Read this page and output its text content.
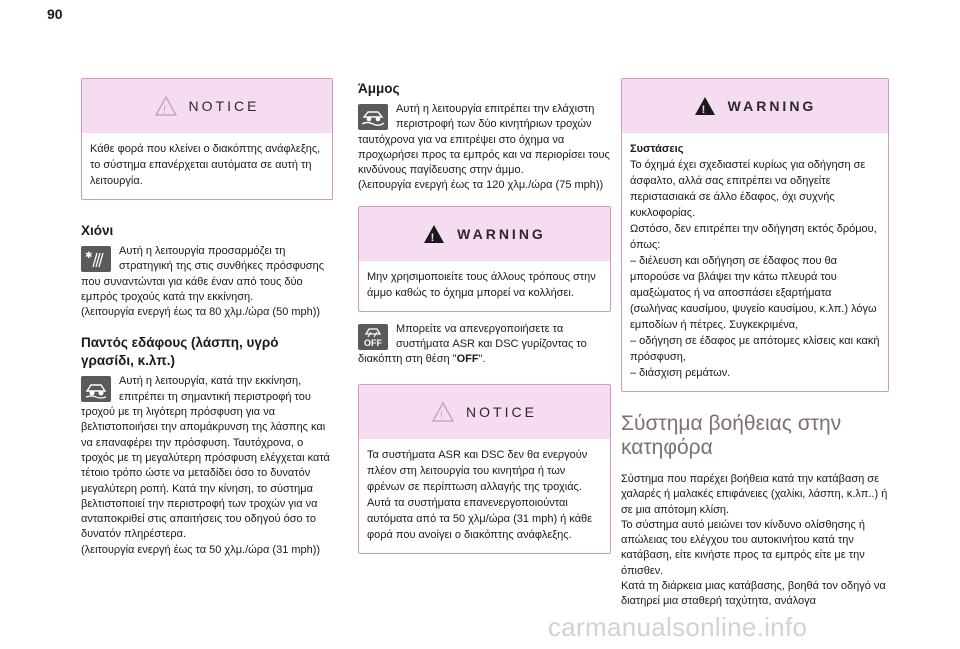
90
! NOTICE
Κάθε φορά που κλείνει ο διακόπτης ανάφλεξης, το σύστημα επανέρχεται αυτόματα σε αυτή τη λειτουργία.
Χιόνι
✱	Αυτή η λειτουργία προσαρμόζει τη στρατηγική της στις συνθήκες πρόσφυσης που συναντώνται για κάθε έναν από τους δύο εμπρός τροχούς κατά την εκκίνηση.

(λειτουργία ενεργή έως τα 80 χλμ./ώρα (50 mph))

Παντός εδάφους (λάσπη, υγρό γρασίδι, κ.λπ.)

Αυτή η λειτουργία, κατά την εκκίνηση, επιτρέπει τη σημαντική περιστροφή του τροχού με τη λιγότερη πρόσφυση για να βελτιστοποιήσει την απομάκρυνση της λάσπης και να επαναφέρει την πρόσφυση. Ταυτόχρονα, ο τροχός με τη μεγαλύτερη πρόσφυση ελέγχεται κατά τέτοιο τρόπο ώστε να μεταδίδει όσο το δυνατόν μεγαλύτερη ροπή. Κατά την κίνηση, το σύστημα βελτιστοποιεί την περιστροφή των τροχών για να ανταποκριθεί στις απαιτήσεις του οδηγού όσο το δυνατόν πληρέστερα.

(λειτουργία ενεργή έως τα 50 χλμ./ώρα (31 mph))

Άμμος

Αυτή η λειτουργία επιτρέπει την ελάχιστη περιστροφή των δύο κινητήριων τροχών ταυτόχρονα για να επιτρέψει στο όχημα να προχωρήσει προς τα εμπρός και να περιορίσει τους κινδύνους παγίδευσης στην άμμο.

(λειτουργία ενεργή έως τα 120 χλμ./ώρα (75 mph))

! WARNING
Μην χρησιμοποιείτε τους άλλους τρόπους στην άμμο καθώς το όχημα μπορεί να κολλήσει.
OFF

Μπορείτε να απενεργοποιήσετε τα συστήματα ASR και DSC γυρίζοντας το διακόπτη στη θέση "OFF".

! NOTICE

Τα συστήματα ASR και DSC δεν θα ενεργούν πλέον στη λειτουργία του κινητήρα ή των φρένων σε περίπτωση αλλαγής της τροχιάς.

Αυτά τα συστήματα επανενεργοποιούνται αυτόματα από τα 50 χλμ/ώρα (31 mph) ή κάθε φορά που ανοίγει ο διακόπτης ανάφλεξης.

! WARNING

Συστάσεις

Το όχημά έχει σχεδιαστεί κυρίως για οδήγηση σε άσφαλτο, αλλά σας επιτρέπει να οδηγείτε περιστασιακά σε άλλο έδαφος, όχι συχνής κυκλοφορίας.

Ωστόσο, δεν επιτρέπει την οδήγηση εκτός δρόμου, όπως:

– διέλευση και οδήγηση σε έδαφος που θα μπορούσε να βλάψει την κάτω πλευρά του αμαξώματος ή να αποσπάσει εξαρτήματα (σωλήνας καυσίμου, ψυγείο καυσίμου, κ.λπ.) λόγω εμποδίων ή πέτρες. Συγκεκριμένα,

– οδήγηση σε έδαφος με απότομες κλίσεις και κακή πρόσφυση,

– διάσχιση ρεμάτων.

Σύστημα βοήθειας στην κατηφόρα

Σύστημα που παρέχει βοήθεια κατά την κατάβαση σε χαλαρές ή μαλακές επιφάνειες (χαλίκι, λάσπη, κ.λπ..) ή σε μια απότομη κλίση.

Το σύστημα αυτό μειώνει τον κίνδυνο ολίσθησης ή απώλειας του ελέγχου του αυτοκινήτου κατά την κατάβαση, είτε κινήστε προς τα εμπρός είτε με την όπισθεν.

Κατά τη διάρκεια μιας κατάβασης, βοηθά τον οδηγό να διατηρεί μια σταθερή ταχύτητα, ανάλογα

carmanualsonline.info
